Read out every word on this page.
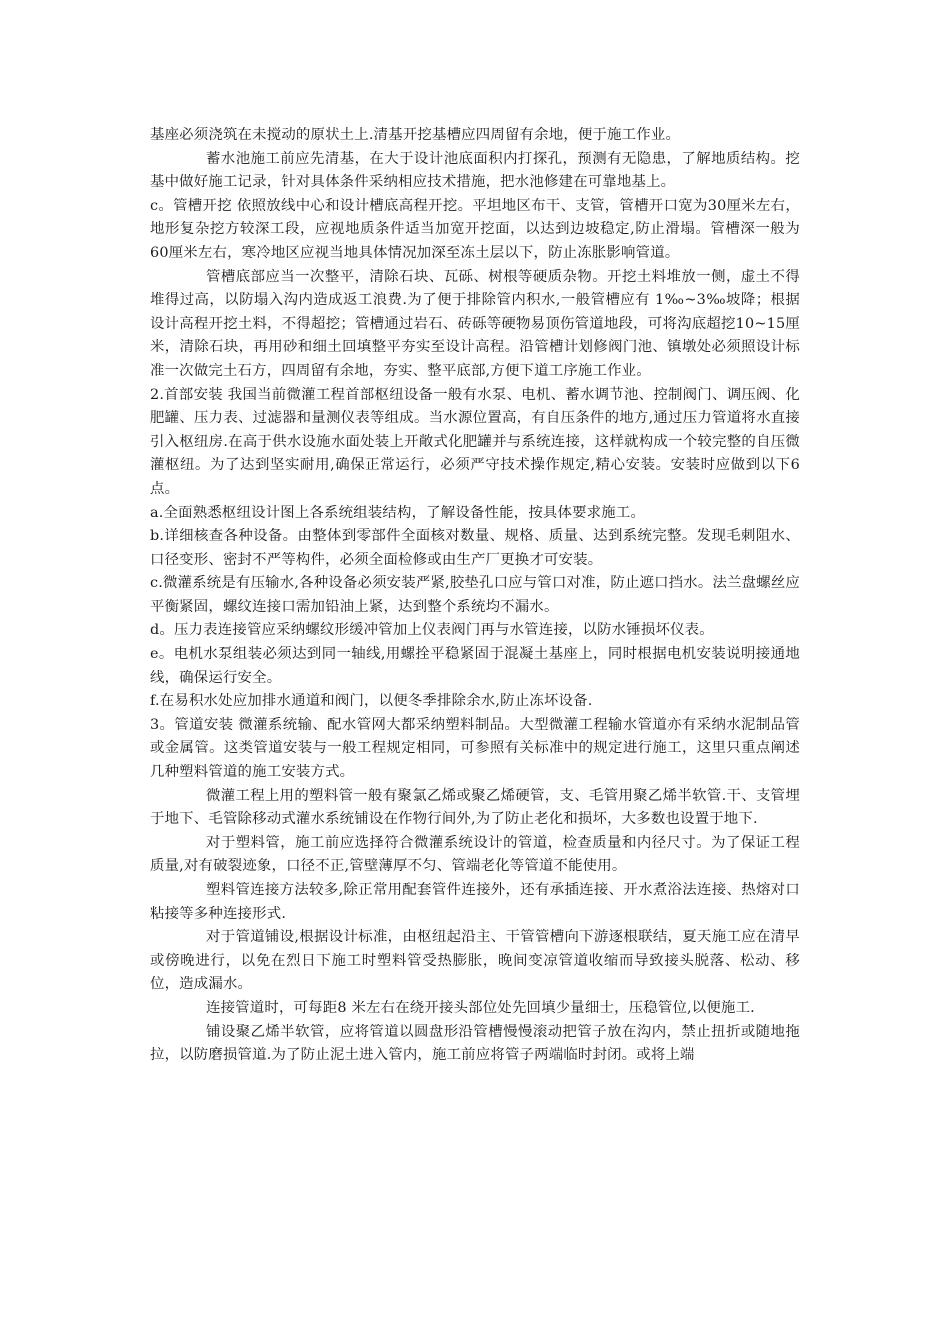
基座必须浇筑在未搅动的原状土上.清基开挖基槽应四周留有余地，便于施工作业。

蓄水池施工前应先清基，在大于设计池底面积内打探孔，预测有无隐患，了解地质结构。挖基中做好施工记录，针对具体条件采纳相应技术措施，把水池修建在可靠地基上。

c。管槽开挖 依照放线中心和设计槽底高程开挖。平坦地区布干、支管，管槽开口宽为30厘米左右，地形复杂挖方较深工段，应视地质条件适当加宽开挖面，以达到边坡稳定,防止滑塌。管槽深一般为60厘米左右，寒冷地区应视当地具体情况加深至冻土层以下，防止冻胀影响管道。

管槽底部应当一次整平，清除石块、瓦砾、树根等硬质杂物。开挖土料堆放一侧，虚土不得堆得过高，以防塌入沟内造成返工浪费.为了便于排除管内积水,一般管槽应有 1‰~3‰坡降；根据设计高程开挖土料，不得超挖；管槽通过岩石、砖砾等硬物易顶伤管道地段，可将沟底超挖10~15厘米，清除石块，再用砂和细土回填整平夯实至设计高程。沿管槽计划修阀门池、镇墩处必须照设计标准一次做完土石方，四周留有余地，夯实、整平底部,方便下道工序施工作业。

2.首部安装 我国当前微灌工程首部枢纽设备一般有水泵、电机、蓄水调节池、控制阀门、调压阀、化肥罐、压力表、过滤器和量测仪表等组成。当水源位置高，有自压条件的地方,通过压力管道将水直接引入枢纽房.在高于供水设施水面处装上开敞式化肥罐并与系统连接，这样就构成一个较完整的自压微灌枢纽。为了达到坚实耐用,确保正常运行，必须严守技术操作规定,精心安装。安装时应做到以下6点。

a.全面熟悉枢纽设计图上各系统组装结构，了解设备性能，按具体要求施工。

b.详细核查各种设备。由整体到零部件全面核对数量、规格、质量、达到系统完整。发现毛刺阻水、口径变形、密封不严等构件，必须全面检修或由生产厂更换才可安装。

c.微灌系统是有压输水,各种设备必须安装严紧,胶垫孔口应与管口对准，防止遮口挡水。法兰盘螺丝应平衡紧固，螺纹连接口需加铅油上紧，达到整个系统均不漏水。

d。压力表连接管应采纳螺纹形缓冲管加上仪表阀门再与水管连接，以防水锤损坏仪表。

e。电机水泵组装必须达到同一轴线,用螺拴平稳紧固于混凝土基座上，同时根据电机安装说明接通地线，确保运行安全。

f.在易积水处应加排水通道和阀门，以便冬季排除余水,防止冻坏设备.

3。管道安装 微灌系统输、配水管网大都采纳塑料制品。大型微灌工程输水管道亦有采纳水泥制品管或金属管。这类管道安装与一般工程规定相同，可参照有关标准中的规定进行施工，这里只重点阐述几种塑料管道的施工安装方式。

微灌工程上用的塑料管一般有聚氯乙烯或聚乙烯硬管，支、毛管用聚乙烯半软管.干、支管埋于地下、毛管除移动式灌水系统铺设在作物行间外,为了防止老化和损坏，大多数也设置于地下.

对于塑料管，施工前应选择符合微灌系统设计的管道，检查质量和内径尺寸。为了保证工程质量,对有破裂迹象，口径不正,管壁薄厚不匀、管端老化等管道不能使用。

塑料管连接方法较多,除正常用配套管件连接外，还有承插连接、开水煮浴法连接、热熔对口粘接等多种连接形式.

对于管道铺设,根据设计标准，由枢纽起沿主、干管管槽向下游逐根联结，夏天施工应在清早或傍晚进行，以免在烈日下施工时塑料管受热膨胀，晚间变凉管道收缩而导致接头脱落、松动、移位，造成漏水。

连接管道时，可每距8 米左右在绕开接头部位处先回填少量细士，压稳管位,以便施工.

铺设聚乙烯半软管，应将管道以圆盘形沿管槽慢慢滚动把管子放在沟内，禁止扭折或随地拖拉，以防磨损管道.为了防止泥土进入管内，施工前应将管子两端临时封闭。或将上端
